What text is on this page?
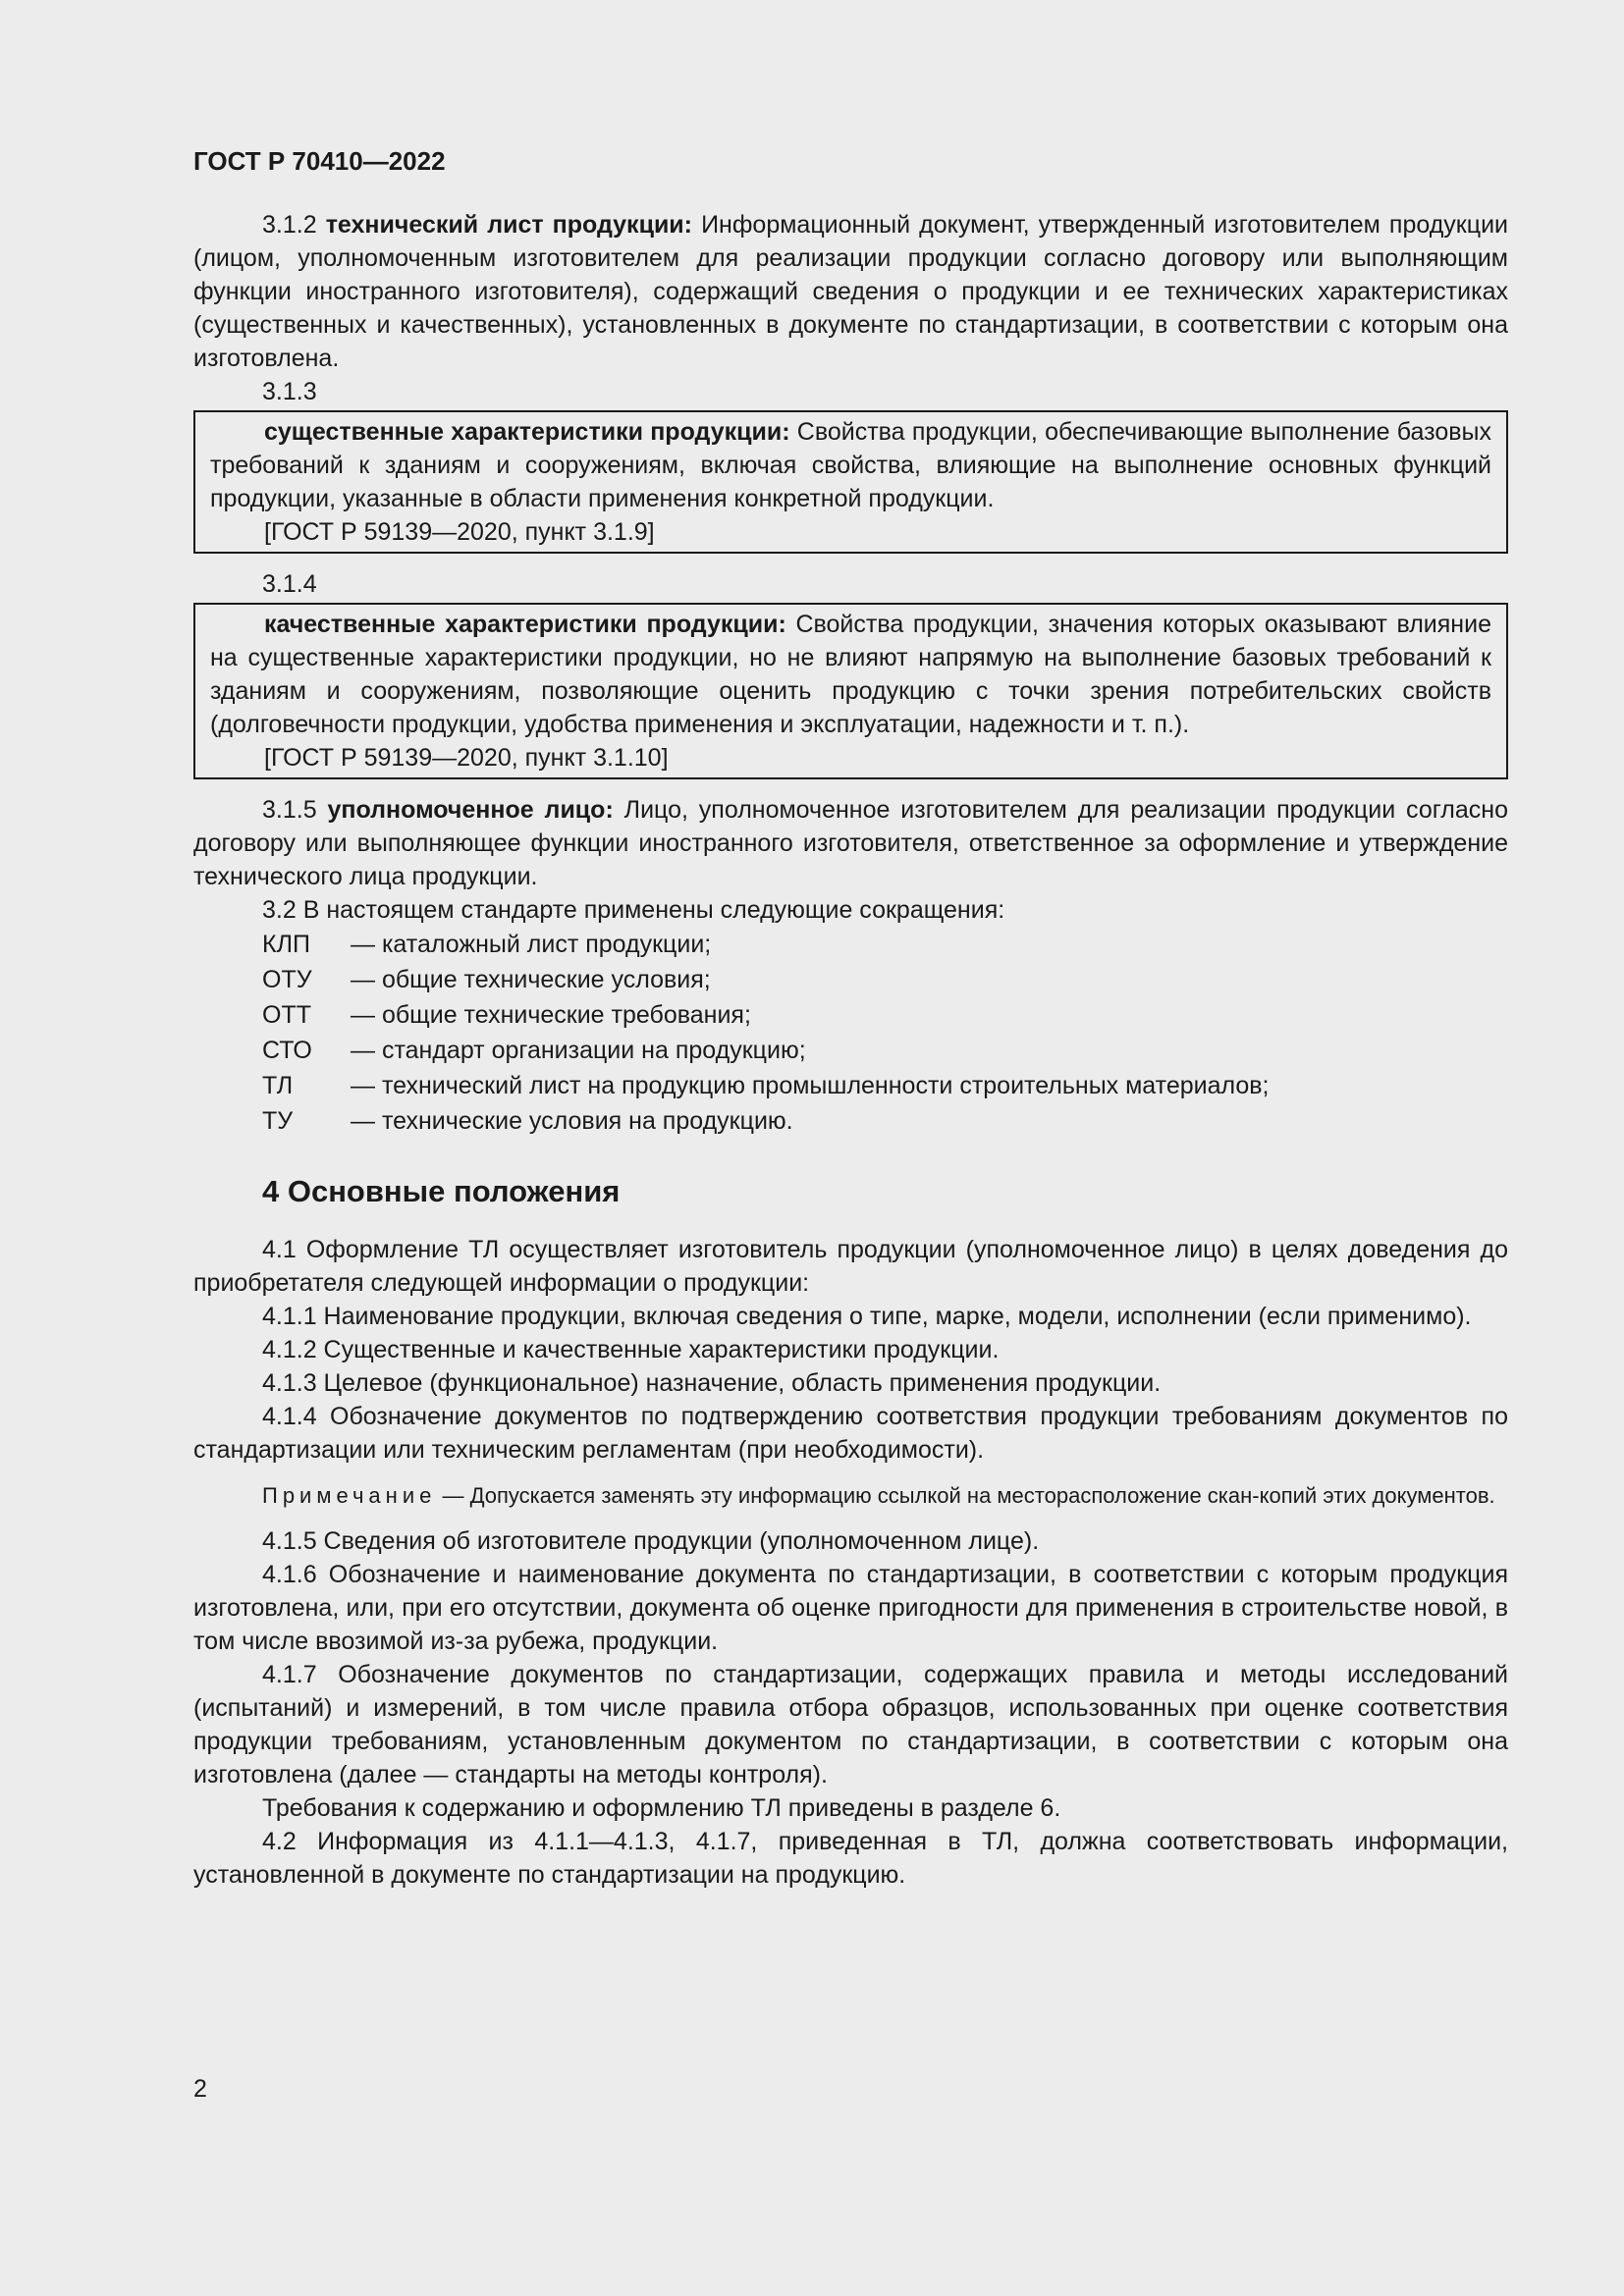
ГОСТ Р 70410—2022

3.1.2 технический лист продукции: Информационный документ, утвержденный изготовителем продукции (лицом, уполномоченным изготовителем для реализации продукции согласно договору или выполняющим функции иностранного изготовителя), содержащий сведения о продукции и ее технических характеристиках (существенных и качественных), установленных в документе по стандартизации, в соответствии с которым она изготовлена.

3.1.3

существенные характеристики продукции: Свойства продукции, обеспечивающие выполнение базовых требований к зданиям и сооружениям, включая свойства, влияющие на выполнение основных функций продукции, указанные в области применения конкретной продукции.

[ГОСТ Р 59139—2020, пункт 3.1.9]

3.1.4

качественные характеристики продукции: Свойства продукции, значения которых оказывают влияние на существенные характеристики продукции, но не влияют напрямую на выполнение базовых требований к зданиям и сооружениям, позволяющие оценить продукцию с точки зрения потребительских свойств (долговечности продукции, удобства применения и эксплуатации, надежности и т. п.).

[ГОСТ Р 59139—2020, пункт 3.1.10]

3.1.5 уполномоченное лицо: Лицо, уполномоченное изготовителем для реализации продукции согласно договору или выполняющее функции иностранного изготовителя, ответственное за оформление и утверждение технического лица продукции.

3.2 В настоящем стандарте применены следующие сокращения:

КЛП	— каталожный лист продукции;
ОТУ	— общие технические условия;
ОТТ	— общие технические требования;
СТО	— стандарт организации на продукцию;
ТЛ	— технический лист на продукцию промышленности строительных материалов;
ТУ	— технические условия на продукцию.
4 Основные положения

4.1 Оформление ТЛ осуществляет изготовитель продукции (уполномоченное лицо) в целях доведения до приобретателя следующей информации о продукции:

4.1.1 Наименование продукции, включая сведения о типе, марке, модели, исполнении (если применимо).

4.1.2 Существенные и качественные характеристики продукции.

4.1.3 Целевое (функциональное) назначение, область применения продукции.

4.1.4 Обозначение документов по подтверждению соответствия продукции требованиям документов по стандартизации или техническим регламентам (при необходимости).

Примечание — Допускается заменять эту информацию ссылкой на месторасположение скан-копий этих документов.

4.1.5 Сведения об изготовителе продукции (уполномоченном лице).

4.1.6 Обозначение и наименование документа по стандартизации, в соответствии с которым продукция изготовлена, или, при его отсутствии, документа об оценке пригодности для применения в строительстве новой, в том числе ввозимой из-за рубежа, продукции.

4.1.7 Обозначение документов по стандартизации, содержащих правила и методы исследований (испытаний) и измерений, в том числе правила отбора образцов, использованных при оценке соответствия продукции требованиям, установленным документом по стандартизации, в соответствии с которым она изготовлена (далее — стандарты на методы контроля).

Требования к содержанию и оформлению ТЛ приведены в разделе 6.

4.2 Информация из 4.1.1—4.1.3, 4.1.7, приведенная в ТЛ, должна соответствовать информации, установленной в документе по стандартизации на продукцию.

2
